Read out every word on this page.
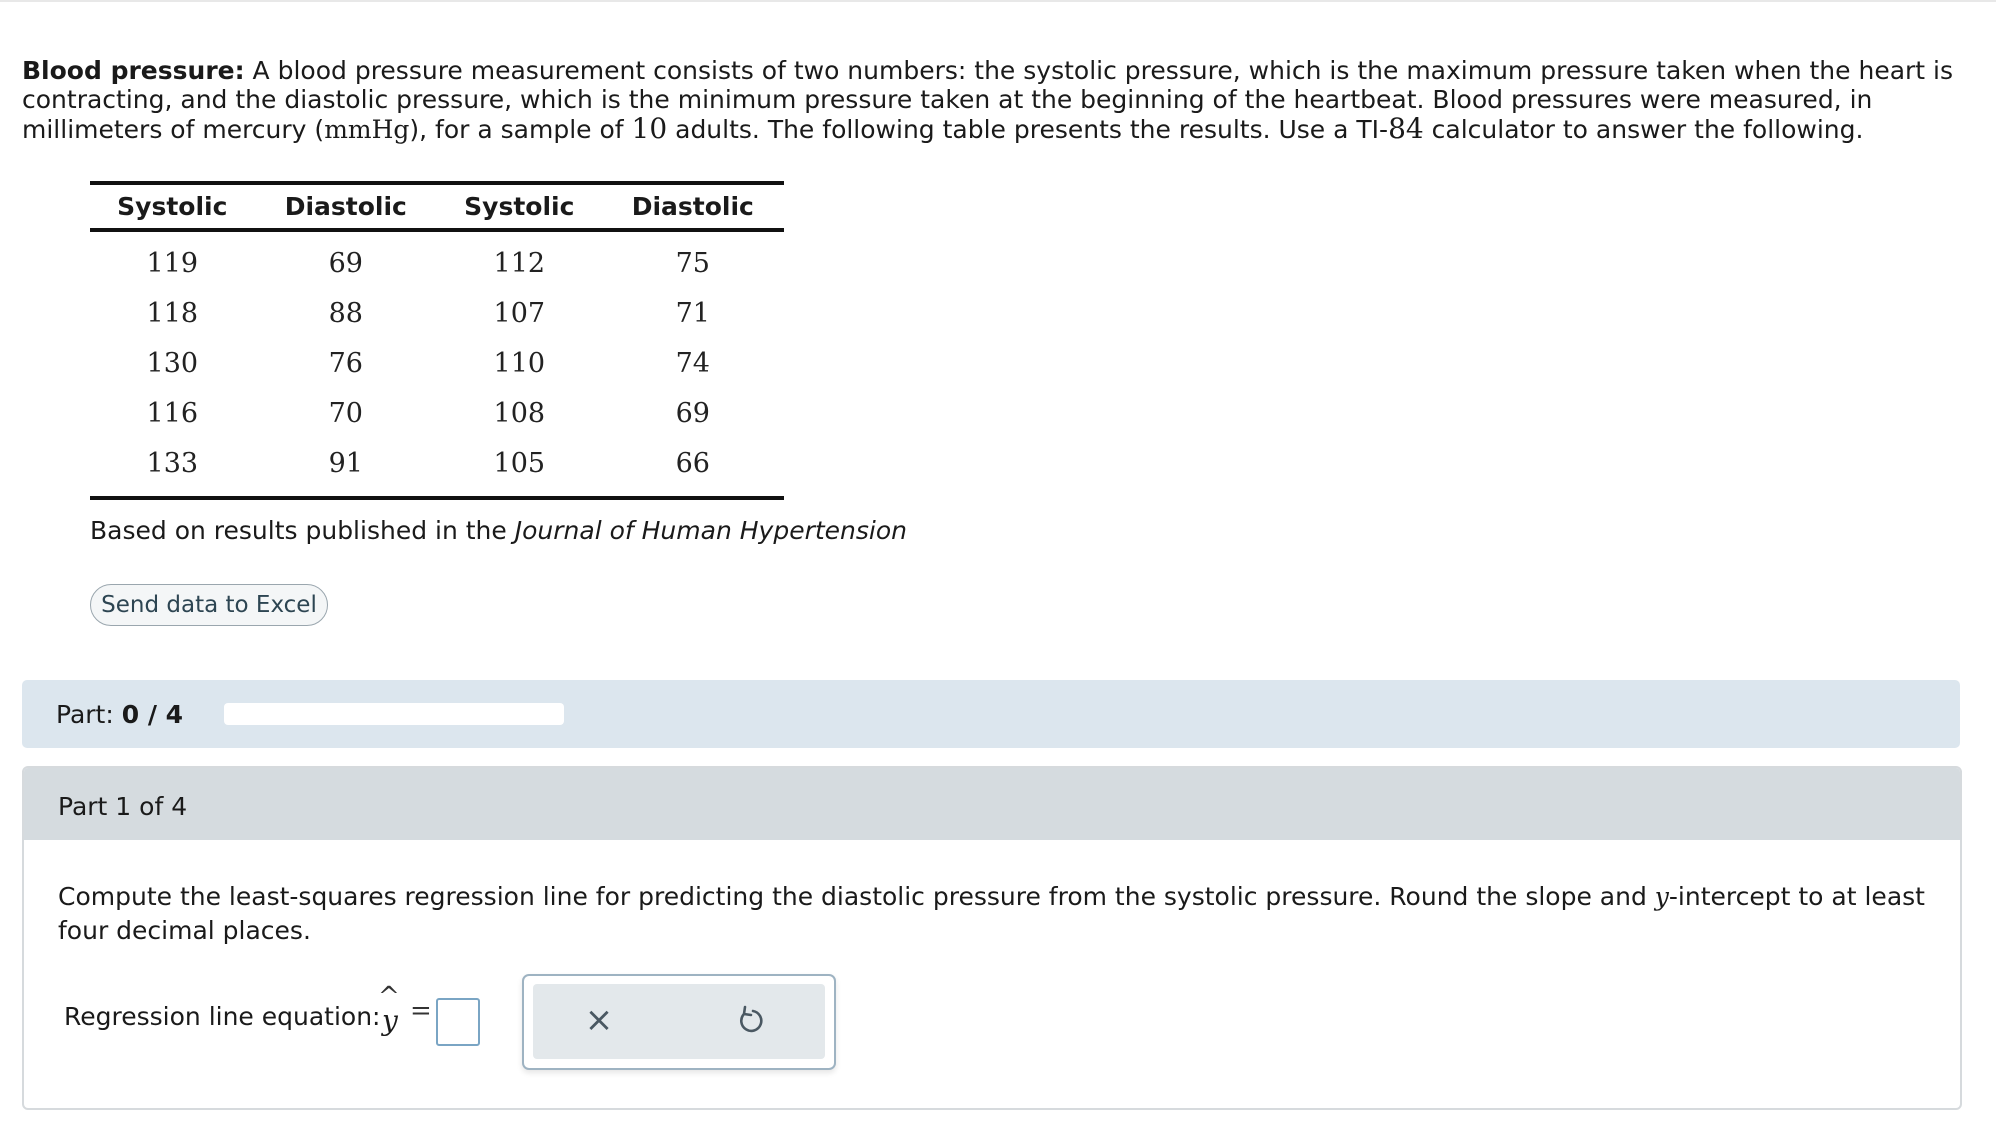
Blood pressure: A blood pressure measurement consists of two numbers: the systolic pressure, which is the maximum pressure taken when the heart is contracting, and the diastolic pressure, which is the minimum pressure taken at the beginning of the heartbeat. Blood pressures were measured, in millimeters of mercury (mmHg), for a sample of 10 adults. The following table presents the results. Use a TI-84 calculator to answer the following.
Systolic	Diastolic	Systolic	Diastolic
119	69	112	75
118	88	107	71
130	76	110	74
116	70	108	69
133	91	105	66
Based on results published in the Journal of Human Hypertension
Send data to Excel
Part: 0 / 4
Part 1 of 4
Compute the least-squares regression line for predicting the diastolic pressure from the systolic pressure. Round the slope and y-intercept to at least four decimal places.
Regression line equation:
^
y =	×
